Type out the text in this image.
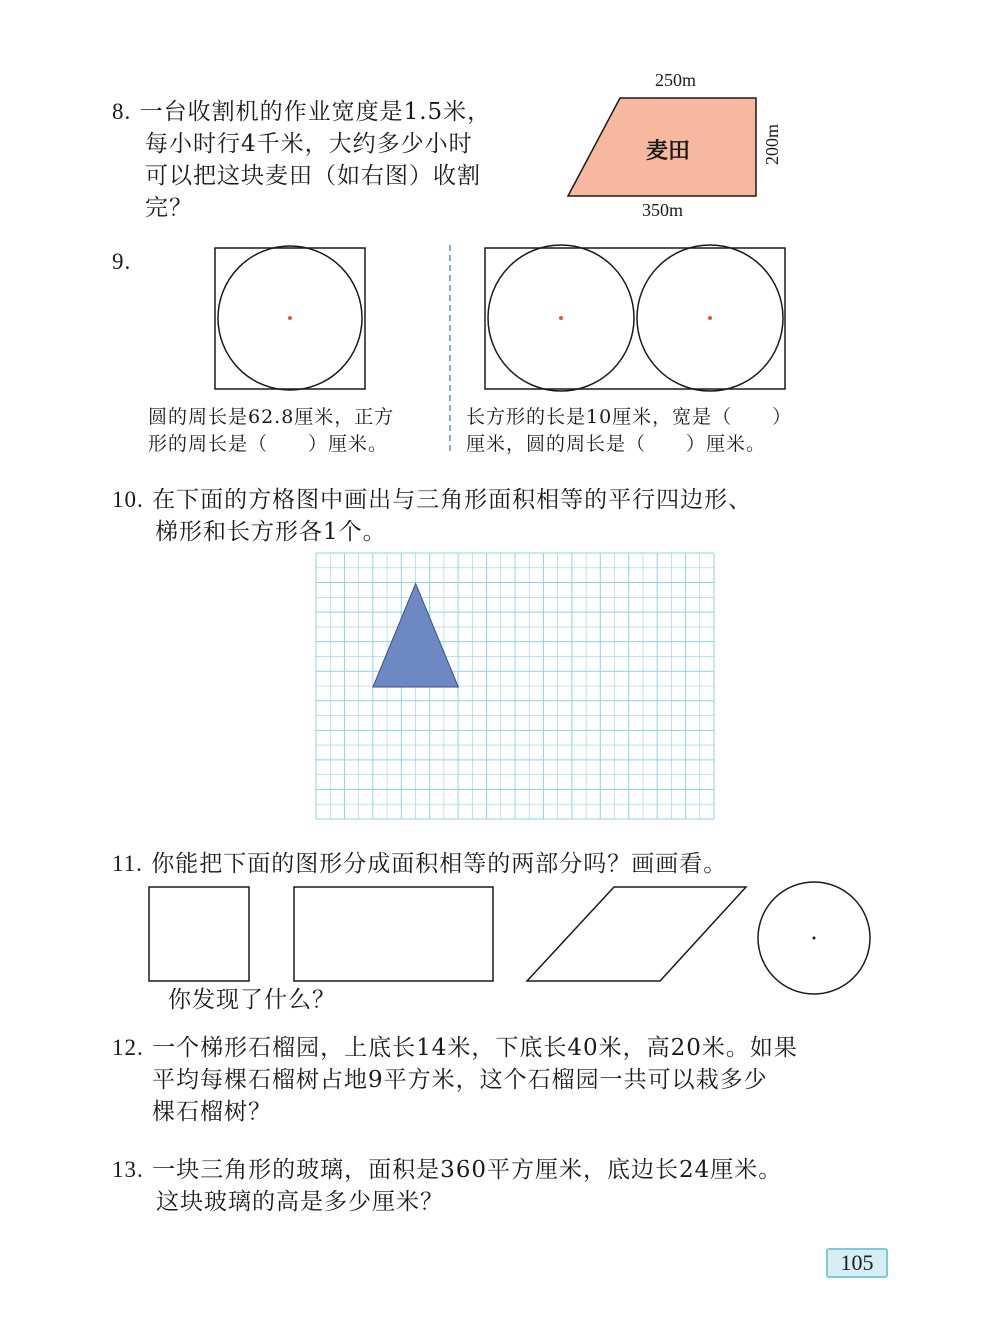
8. 一台收割机的作业宽度是1.5米，
每小时行4千米，大约多少小时
可以把这块麦田（如右图）收割
完？
250m
350m
200m
麦田
9.
圆的周长是62.8厘米，正方
形的周长是（　　）厘米。
长方形的长是10厘米，宽是（　　）
厘米，圆的周长是（　　）厘米。
10. 在下面的方格图中画出与三角形面积相等的平行四边形、
梯形和长方形各1个。
11. 你能把下面的图形分成面积相等的两部分吗？画画看。
你发现了什么？
12. 一个梯形石榴园，上底长14米，下底长40米，高20米。如果
平均每棵石榴树占地9平方米，这个石榴园一共可以栽多少
棵石榴树？
13. 一块三角形的玻璃，面积是360平方厘米，底边长24厘米。
这块玻璃的高是多少厘米？
105
